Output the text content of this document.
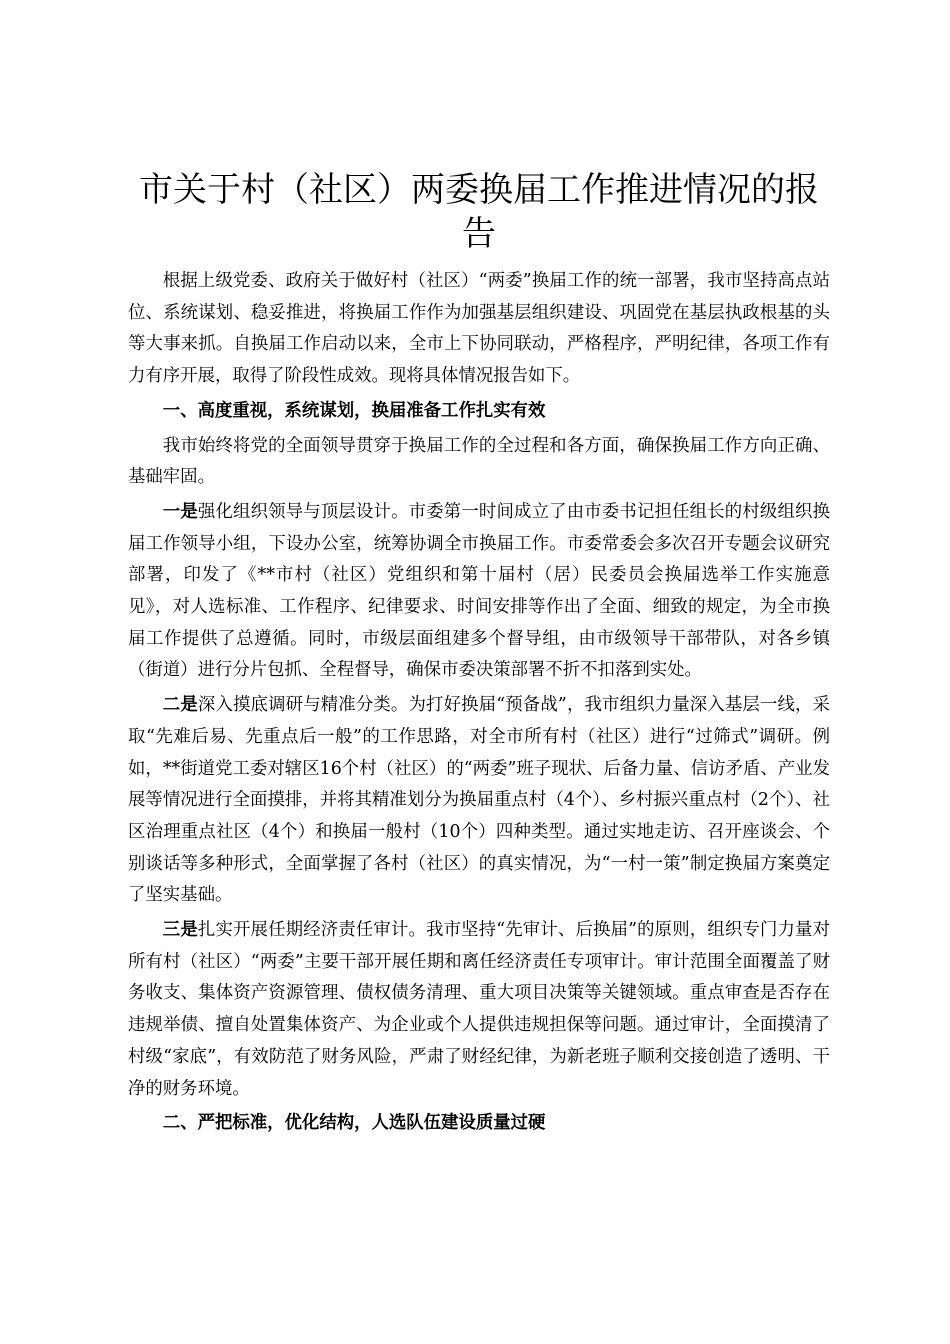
市关于村（社区）两委换届工作推进情况的报告

根据上级党委、政府关于做好村（社区）“两委”换届工作的统一部署，我市坚持高点站位、系统谋划、稳妥推进，将换届工作作为加强基层组织建设、巩固党在基层执政根基的头等大事来抓。自换届工作启动以来，全市上下协同联动，严格程序，严明纪律，各项工作有力有序开展，取得了阶段性成效。现将具体情况报告如下。

一、高度重视，系统谋划，换届准备工作扎实有效

我市始终将党的全面领导贯穿于换届工作的全过程和各方面，确保换届工作方向正确、基础牢固。

一是强化组织领导与顶层设计。市委第一时间成立了由市委书记担任组长的村级组织换届工作领导小组，下设办公室，统筹协调全市换届工作。市委常委会多次召开专题会议研究部署，印发了《**市村（社区）党组织和第十届村（居）民委员会换届选举工作实施意见》，对人选标准、工作程序、纪律要求、时间安排等作出了全面、细致的规定，为全市换届工作提供了总遵循。同时，市级层面组建多个督导组，由市级领导干部带队，对各乡镇（街道）进行分片包抓、全程督导，确保市委决策部署不折不扣落到实处。

二是深入摸底调研与精准分类。为打好换届“预备战”，我市组织力量深入基层一线，采取“先难后易、先重点后一般”的工作思路，对全市所有村（社区）进行“过筛式”调研。例如，**街道党工委对辖区16个村（社区）的“两委”班子现状、后备力量、信访矛盾、产业发展等情况进行全面摸排，并将其精准划分为换届重点村（4个）、乡村振兴重点村（2个）、社区治理重点社区（4个）和换届一般村（10个）四种类型。通过实地走访、召开座谈会、个别谈话等多种形式，全面掌握了各村（社区）的真实情况，为“一村一策”制定换届方案奠定了坚实基础。

三是扎实开展任期经济责任审计。我市坚持“先审计、后换届”的原则，组织专门力量对所有村（社区）“两委”主要干部开展任期和离任经济责任专项审计。审计范围全面覆盖了财务收支、集体资产资源管理、债权债务清理、重大项目决策等关键领域。重点审查是否存在违规举债、擅自处置集体资产、为企业或个人提供违规担保等问题。通过审计，全面摸清了村级“家底”，有效防范了财务风险，严肃了财经纪律，为新老班子顺利交接创造了透明、干净的财务环境。

二、严把标准，优化结构，人选队伍建设质量过硬
